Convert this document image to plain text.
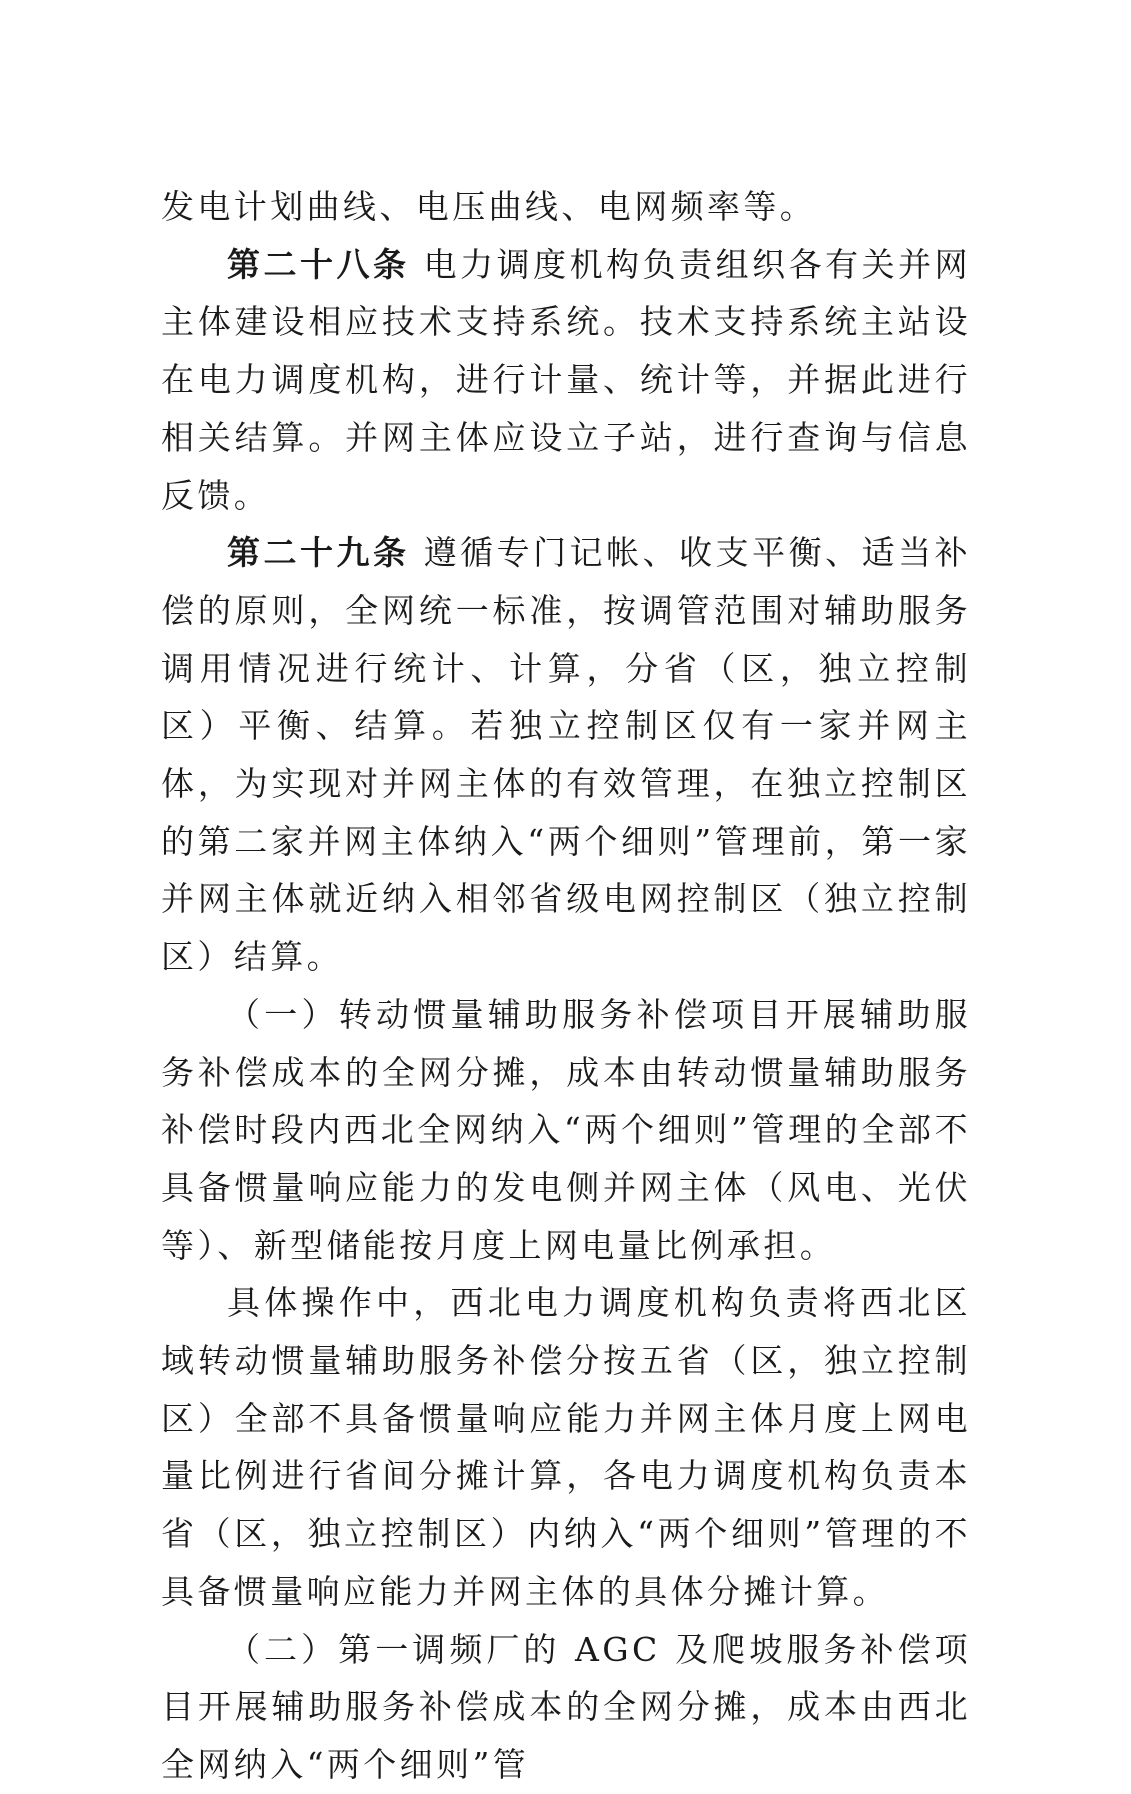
发电计划曲线、电压曲线、电网频率等。

第二十八条 电力调度机构负责组织各有关并网主体建设相应技术支持系统。技术支持系统主站设在电力调度机构，进行计量、统计等，并据此进行相关结算。并网主体应设立子站，进行查询与信息反馈。

第二十九条 遵循专门记帐、收支平衡、适当补偿的原则，全网统一标准，按调管范围对辅助服务调用情况进行统计、计算，分省（区，独立控制区）平衡、结算。若独立控制区仅有一家并网主体，为实现对并网主体的有效管理，在独立控制区的第二家并网主体纳入“两个细则”管理前，第一家并网主体就近纳入相邻省级电网控制区（独立控制区）结算。

（一）转动惯量辅助服务补偿项目开展辅助服务补偿成本的全网分摊，成本由转动惯量辅助服务补偿时段内西北全网纳入“两个细则”管理的全部不具备惯量响应能力的发电侧并网主体（风电、光伏等）、新型储能按月度上网电量比例承担。

具体操作中，西北电力调度机构负责将西北区域转动惯量辅助服务补偿分按五省（区，独立控制区）全部不具备惯量响应能力并网主体月度上网电量比例进行省间分摊计算，各电力调度机构负责本省（区，独立控制区）内纳入“两个细则”管理的不具备惯量响应能力并网主体的具体分摊计算。

（二）第一调频厂的 AGC 及爬坡服务补偿项目开展辅助服务补偿成本的全网分摊，成本由西北全网纳入“两个细则”管
